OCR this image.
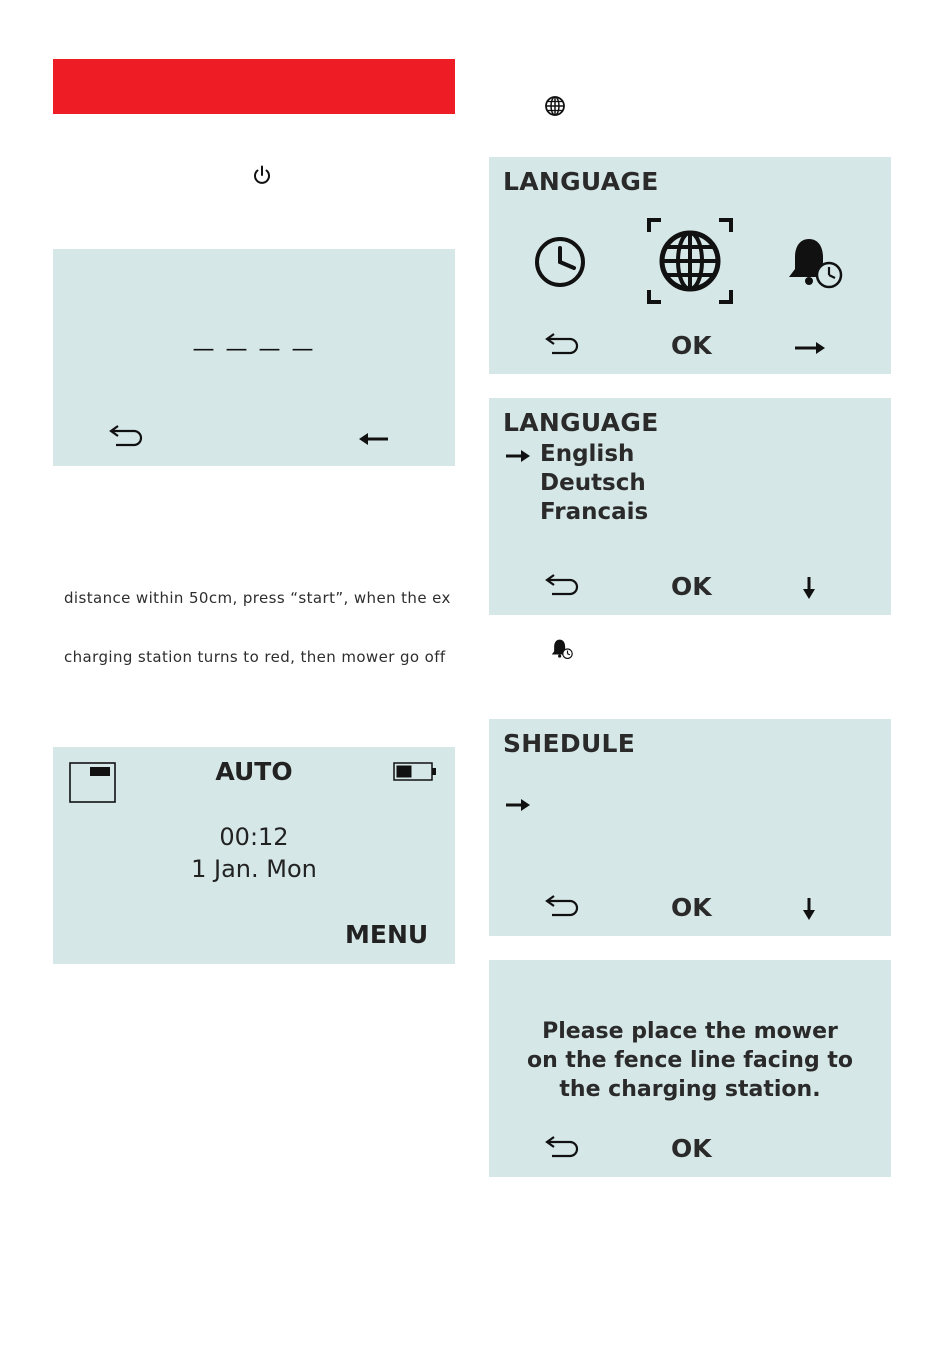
— — — —
distance within 50cm, press “start”, when the ex
charging station turns to red, then mower go off
AUTO
00:12
1 Jan. Mon
MENU
LANGUAGE
OK
LANGUAGE
English
Deutsch
Francais
OK
SHEDULE
OK
Please place the mower
on the fence line facing to
the charging station.
OK
